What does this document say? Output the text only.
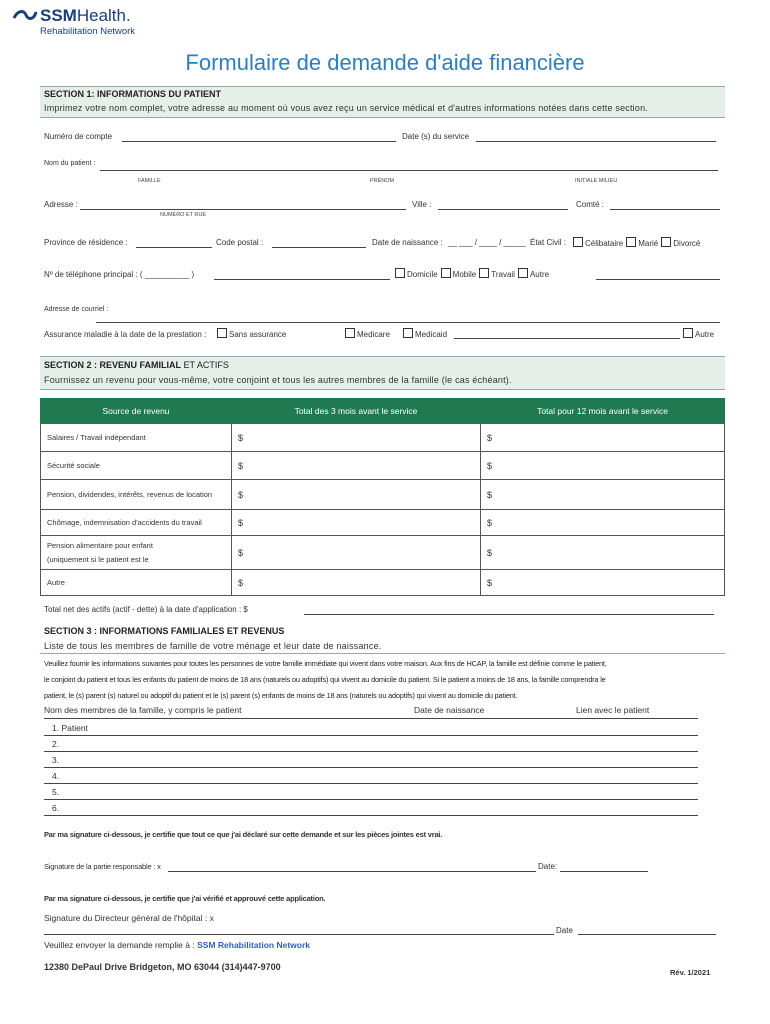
SSMHealth.
Rehabilitation Network
Formulaire de demande d'aide financière
SECTION 1: INFORMATIONS DU PATIENT
Imprimez votre nom complet, votre adresse au moment où vous avez reçu un service médical et d'autres informations notées dans cette section.
Numéro de compte	Date (s) du service
Nom du patient :
FAMILLE	PRÉNOM	INITIALE MILIEU
Adresse :
NUMÉRO ET RUE
Ville :	Comté :
Province de résidence :	Code postal :	Date de naissance : __ ___ / ____ / _____ État Civil :	Célibataire Marié Divorcé
Nº de téléphone principal : ( __________ )	Domicile Mobile Travail Autre
Adresse de courriel :
Assurance maladie à la date de la prestation :	Sans assurance	Medicare	Medicaid	Autre
SECTION 2 : REVENU FAMILIAL ET ACTIFS
Fournissez un revenu pour vous-même, votre conjoint et tous les autres membres de la famille (le cas échéant).
Source de revenu	Total des 3 mois avant le service	Total pour 12 mois avant le service
Salaires / Travail indépendant	$	$
Sécurité sociale	$	$
Pension, dividendes, intérêts, revenus de location	$	$
Chômage, indemnisation d'accidents du travail	$	$

Pension alimentaire pour enfant
(uniquement si le patient est le	$	$
Autre	$	$
Total net des actifs (actif - dette) à la date d'application : $
SECTION 3 : INFORMATIONS FAMILIALES ET REVENUS
Liste de tous les membres de famille de votre ménage et leur date de naissance.
Veuillez fournir les informations suivantes pour toutes les personnes de votre famille immédiate qui vivent dans votre maison. Aux fins de HCAP, la famille est définie comme le patient,
le conjoint du patient et tous les enfants du patient de moins de 18 ans (naturels ou adoptifs) qui vivent au domicile du patient. Si le patient a moins de 18 ans, la famille comprendra le
patient, le (s) parent (s) naturel ou adoptif du patient et le (s) parent (s) enfants de moins de 18 ans (naturels ou adoptifs) qui vivent au domicile du patient.
Nom des membres de la famille, y compris le patient	Date de naissance	Lien avec le patient
1. Patient
2.
3.
4.
5.
6.
Par ma signature ci-dessous, je certifie que tout ce que j'ai déclaré sur cette demande et sur les pièces jointes est vrai.
Signature de la partie responsable : x	Date:
Par ma signature ci-dessous, je certifie que j'ai vérifié et approuvé cette application.
Signature du Directeur général de l'hôpital : x
Date
Veuillez envoyer la demande remplie à : SSM Rehabilitation Network
12380 DePaul Drive Bridgeton, MO 63044 (314)447-9700
Rév. 1/2021
